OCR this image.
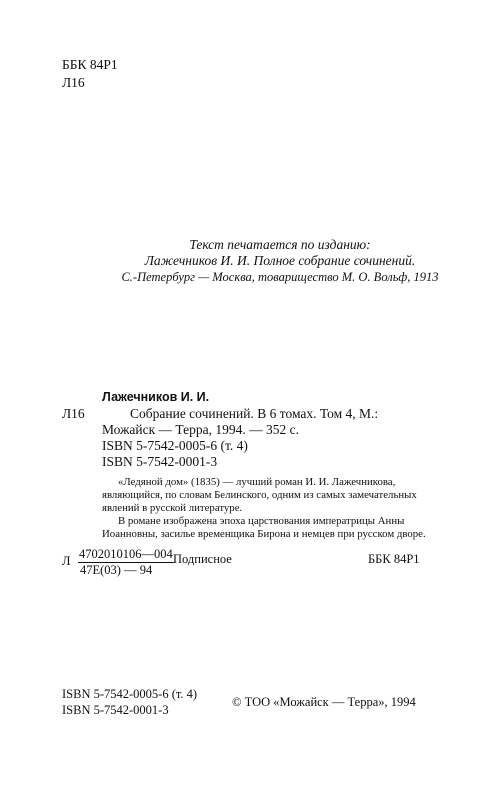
ББК 84Р1
Л16
Текст печатается по изданию:
Лажечников И. И. Полное собрание сочинений.
С.-Петербург — Москва, товарищество М. О. Вольф, 1913
Лажечников И. И.
Л16	Собрание сочинений. В 6 томах. Том 4, М.:
Можайск — Терра, 1994. — 352 с.
ISBN 5-7542-0005-6 (т. 4)
ISBN 5-7542-0001-3
«Ледяной дом» (1835) — лучший роман И. И. Лажечникова,
являющийся, по словам Белинского, одним из самых замечательных
явлений в русской литературе.
В романе изображена эпоха царствования императрицы Анны
Иоанновны, засилье временщика Бирона и немцев при русском дворе.
Л 4702010106—004
47Е(03) — 94
Подписное	ББК 84Р1
ISBN 5-7542-0005-6 (т. 4)
ISBN 5-7542-0001-3
© ТОО «Можайск — Терра», 1994
